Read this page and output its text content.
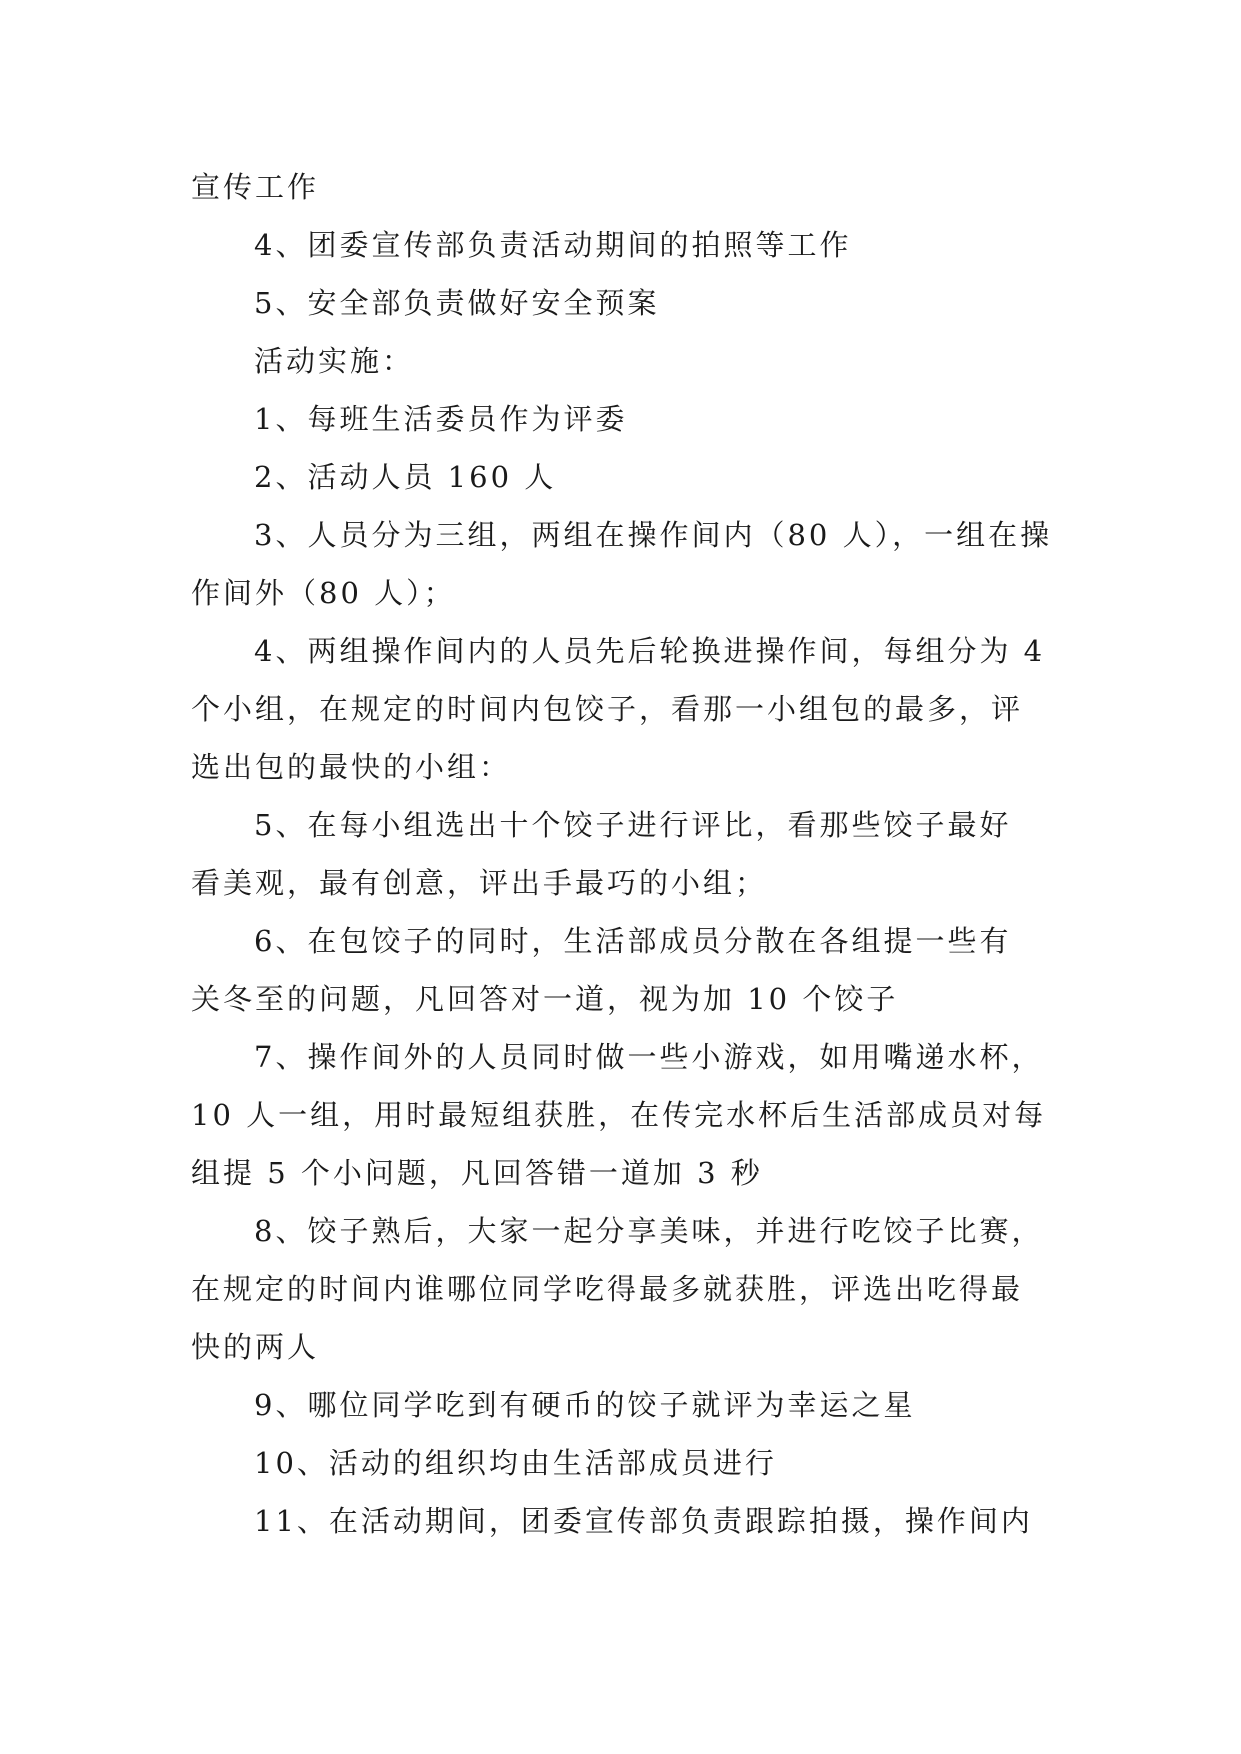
宣传工作
4、团委宣传部负责活动期间的拍照等工作
5、安全部负责做好安全预案
活动实施：
1、每班生活委员作为评委
2、活动人员 160 人
3、人员分为三组，两组在操作间内（80 人），一组在操
作间外（80 人）；
4、两组操作间内的人员先后轮换进操作间，每组分为 4
个小组，在规定的时间内包饺子，看那一小组包的最多，评
选出包的最快的小组：
5、在每小组选出十个饺子进行评比，看那些饺子最好
看美观，最有创意，评出手最巧的小组；
6、在包饺子的同时，生活部成员分散在各组提一些有
关冬至的问题，凡回答对一道，视为加 10 个饺子
7、操作间外的人员同时做一些小游戏，如用嘴递水杯，
10 人一组，用时最短组获胜，在传完水杯后生活部成员对每
组提 5 个小问题，凡回答错一道加 3 秒
8、饺子熟后，大家一起分享美味，并进行吃饺子比赛，
在规定的时间内谁哪位同学吃得最多就获胜，评选出吃得最
快的两人
9、哪位同学吃到有硬币的饺子就评为幸运之星
10、活动的组织均由生活部成员进行
11、在活动期间，团委宣传部负责跟踪拍摄，操作间内
